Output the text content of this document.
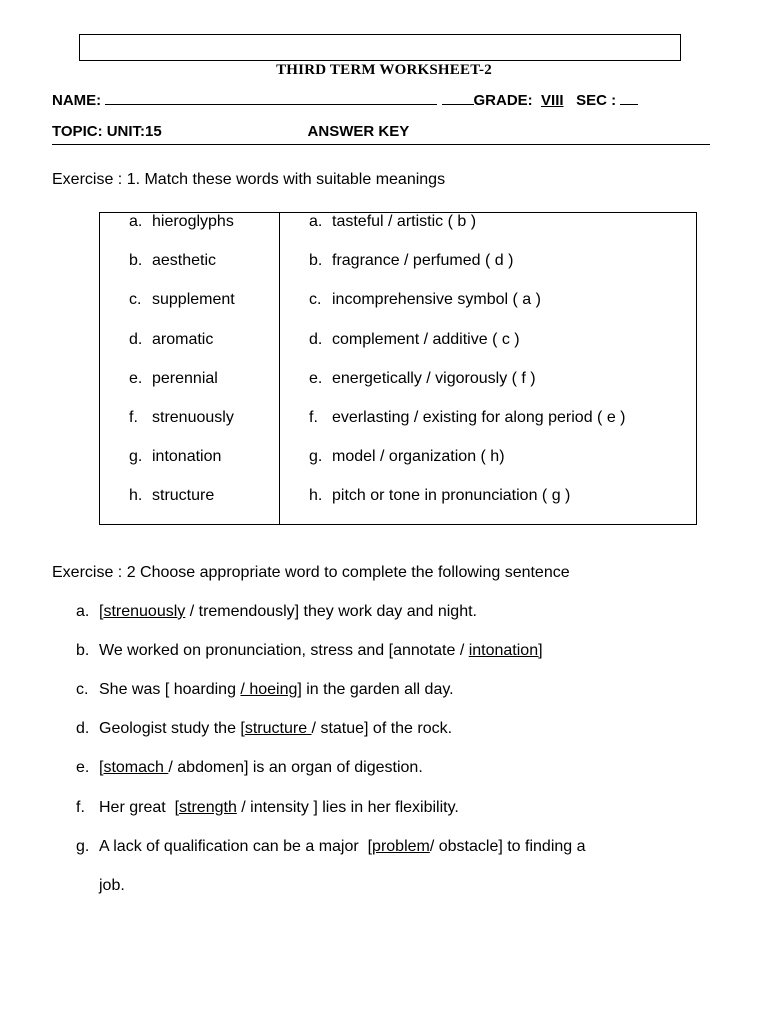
THIRD TERM WORKSHEET-2
NAME:	GRADE: VIII SEC :
TOPIC: UNIT:15	ANSWER KEY
Exercise : 1. Match these words with suitable meanings
a. hieroglyphs
b. aesthetic
c. supplement
d. aromatic
e. perennial
f. strenuously
g. intonation
h. structure
a. tasteful / artistic ( b )
b. fragrance / perfumed ( d )
c. incomprehensive symbol ( a )
d. complement / additive ( c )
e. energetically / vigorously ( f )
f. everlasting / existing for along period ( e )
g. model / organization ( h)
h. pitch or tone in pronunciation ( g )
Exercise : 2 Choose appropriate word to complete the following sentence
a. [strenuously / tremendously] they work day and night.
b. We worked on pronunciation, stress and [annotate / intonation]
c. She was [ hoarding / hoeing] in the garden all day.
d. Geologist study the [structure / statue] of the rock.
e. [stomach / abdomen] is an organ of digestion.
f. Her great  [strength / intensity ] lies in her flexibility.
g. A lack of qualification can be a major  [problem/ obstacle] to finding a
job.
